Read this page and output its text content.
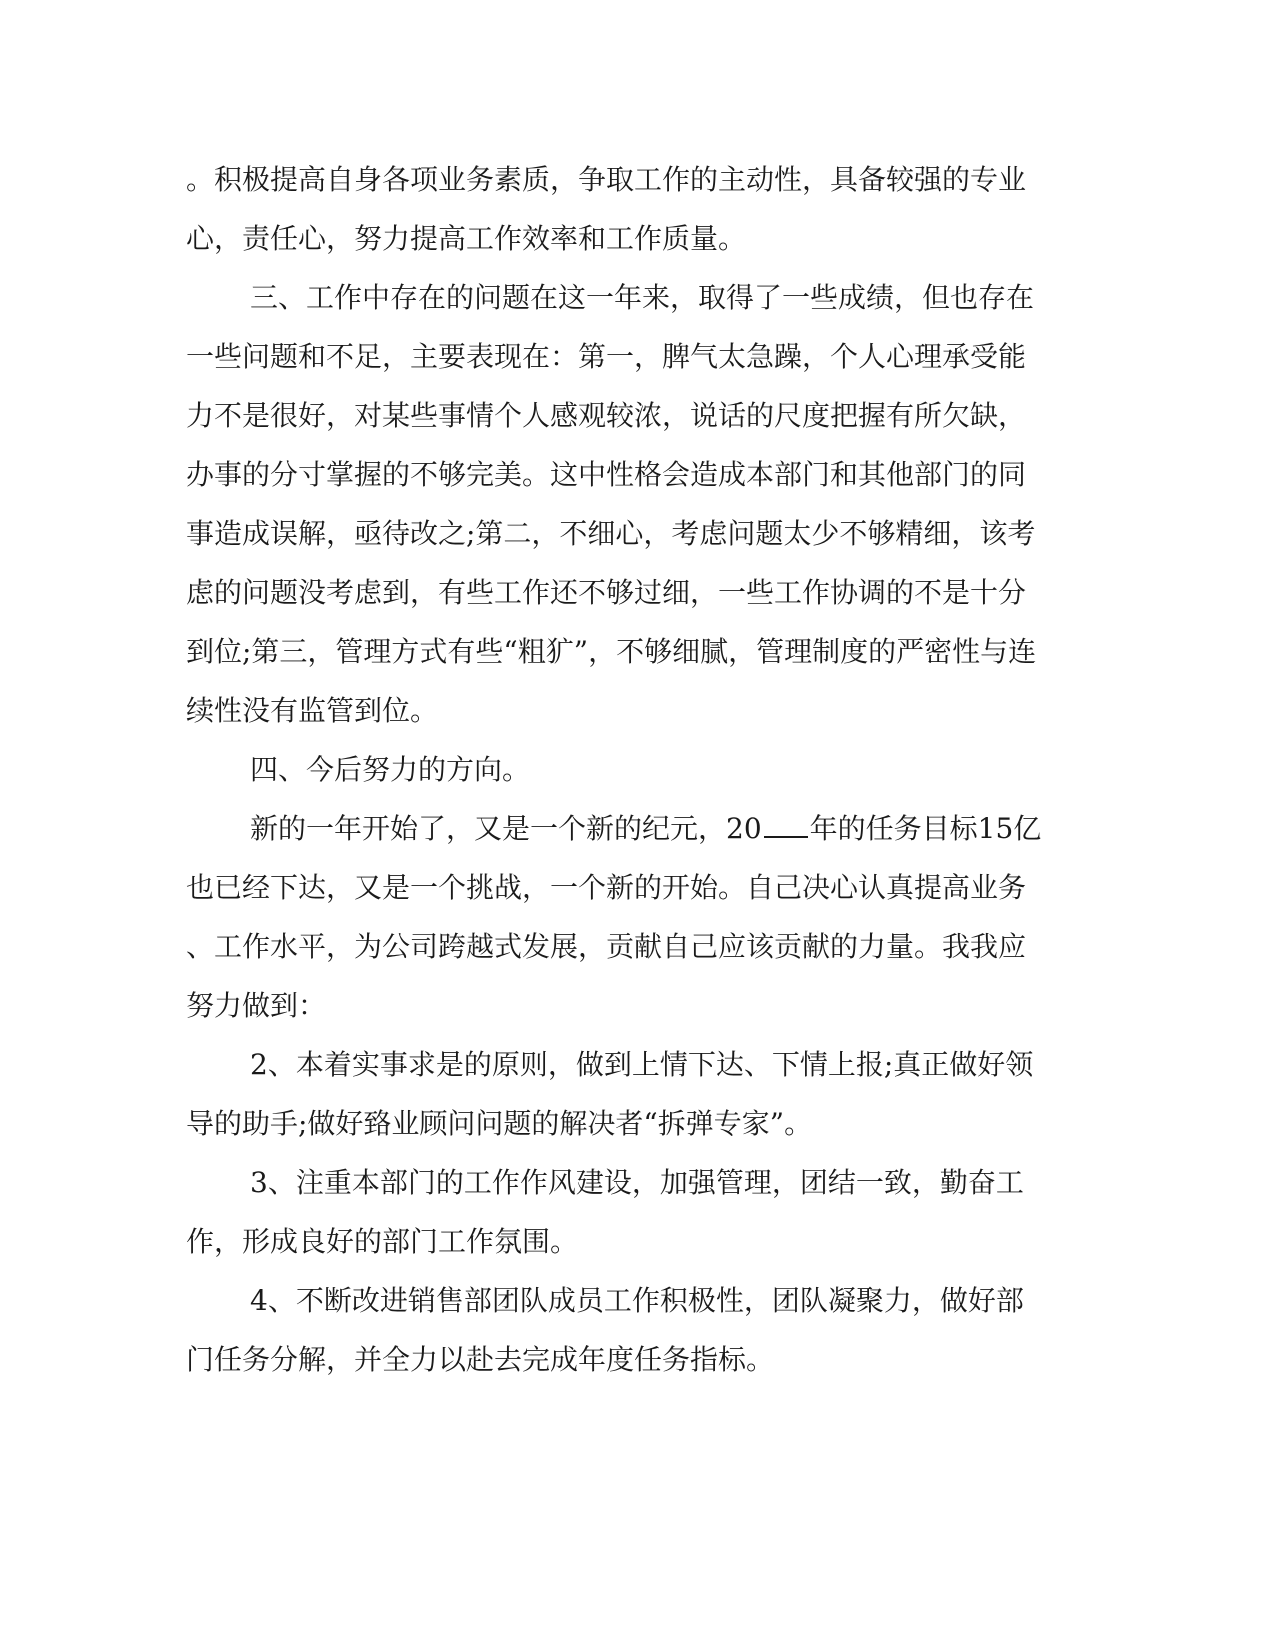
。积极提高自身各项业务素质，争取工作的主动性，具备较强的专业
心，责任心，努力提高工作效率和工作质量。
三、工作中存在的问题在这一年来，取得了一些成绩，但也存在
一些问题和不足，主要表现在：第一，脾气太急躁，个人心理承受能
力不是很好，对某些事情个人感观较浓，说话的尺度把握有所欠缺，
办事的分寸掌握的不够完美。这中性格会造成本部门和其他部门的同
事造成误解，亟待改之;第二，不细心，考虑问题太少不够精细，该考
虑的问题没考虑到，有些工作还不够过细，一些工作协调的不是十分
到位;第三，管理方式有些“粗犷”，不够细腻，管理制度的严密性与连
续性没有监管到位。
四、今后努力的方向。
新的一年开始了，又是一个新的纪元，20 年的任务目标15亿
也已经下达，又是一个挑战，一个新的开始。自己决心认真提高业务
、工作水平，为公司跨越式发展，贡献自己应该贡献的力量。我我应
努力做到：
2、本着实事求是的原则，做到上情下达、下情上报;真正做好领
导的助手;做好臵业顾问问题的解决者“拆弹专家”。
3、注重本部门的工作作风建设，加强管理，团结一致，勤奋工
作，形成良好的部门工作氛围。
4、不断改进销售部团队成员工作积极性，团队凝聚力，做好部
门任务分解，并全力以赴去完成年度任务指标。
